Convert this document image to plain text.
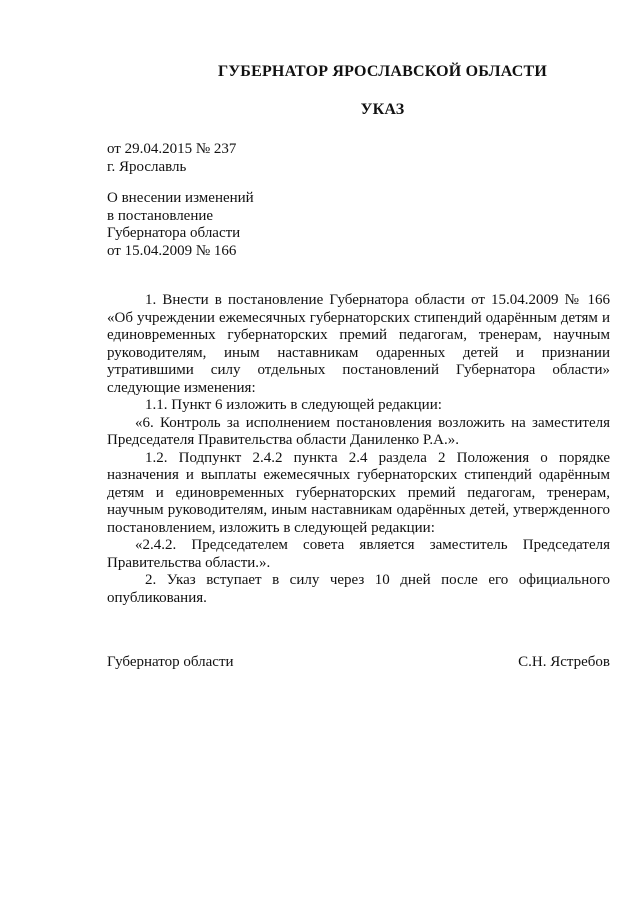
ГУБЕРНАТОР ЯРОСЛАВСКОЙ ОБЛАСТИ
УКАЗ
от 29.04.2015 № 237
г. Ярославль
О внесении изменений
в постановление
Губернатора области
от 15.04.2009 № 166

1. Внести в постановление Губернатора области от 15.04.2009 № 166 «Об учреждении ежемесячных губернаторских стипендий одарённым детям и единовременных губернаторских премий педагогам, тренерам, научным руководителям, иным наставникам одаренных детей и признании утратившими силу отдельных постановлений Губернатора области» следующие изменения:

1.1. Пункт 6 изложить в следующей редакции:

«6. Контроль за исполнением постановления возложить на заместителя Председателя Правительства области Даниленко Р.А.».

1.2. Подпункт 2.4.2 пункта 2.4 раздела 2 Положения о порядке назначения и выплаты ежемесячных губернаторских стипендий одарённым детям и единовременных губернаторских премий педагогам, тренерам, научным руководителям, иным наставникам одарённых детей, утвержденного постановлением, изложить в следующей редакции:

«2.4.2. Председателем совета является заместитель Председателя Правительства области.».

2. Указ вступает в силу через 10 дней после его официального опубликования.

Губернатор области	С.Н. Ястребов
